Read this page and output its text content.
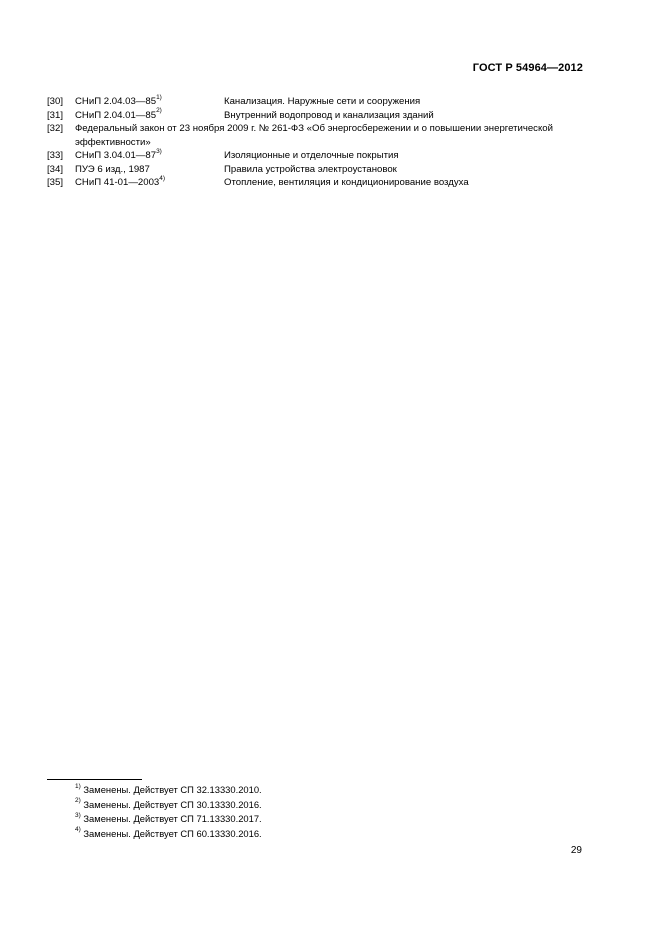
ГОСТ Р 54964—2012
[30] СНиП 2.04.03—85$^{1)}$	Канализация. Наружные сети и сооружения
[31] СНиП 2.04.01—85$^{2)}$	Внутренний водопровод и канализация зданий
[32] Федеральный закон от 23 ноября 2009 г. № 261-ФЗ «Об энергосбережении и о повышении энергетической
эффективности»
[33] СНиП 3.04.01—87$^{3)}$	Изоляционные и отделочные покрытия
[34] ПУЭ 6 изд., 1987	Правила устройства электроустановок
[35] СНиП 41-01—2003$^{4)}$	Отопление, вентиляция и кондиционирование воздуха
$^{1)}$ Заменены. Действует СП 32.13330.2010.
$^{2)}$ Заменены. Действует СП 30.13330.2016.
$^{3)}$ Заменены. Действует СП 71.13330.2017.
$^{4)}$ Заменены. Действует СП 60.13330.2016.
29
